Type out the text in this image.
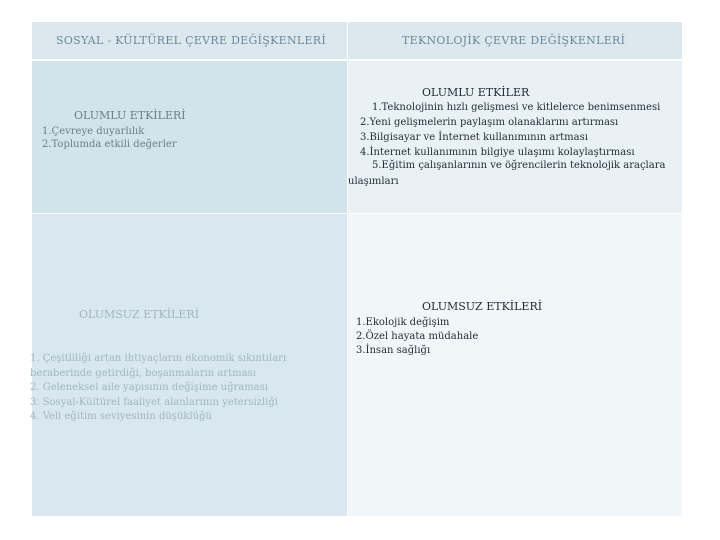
SOSYAL - KÜLTÜREL ÇEVRE DEĞİŞKENLERİ	TEKNOLOJİK ÇEVRE DEĞİŞKENLERİ
OLUMLU ETKİLERİ
1.Çevreye duyarlılık
2.Toplumda etkili değerler
OLUMLU ETKİLER
1.Teknolojinin hızlı gelişmesi ve kitlelerce benimsenmesi
2.Yeni gelişmelerin paylaşım olanaklarını artırması
3.Bilgisayar ve İnternet kullanımının artması
4.İnternet kullanımının bilgiye ulaşımı kolaylaştırması
5.Eğitim çalışanlarının ve öğrencilerin teknolojik araçlara
ulaşımları
OLUMSUZ ETKİLERİ
1. Çeşitliliği artan ihtiyaçların ekonomik sıkıntıları
beraberinde getirdiği, boşanmaların artması
2. Geleneksel aile yapısının değişime uğraması
3. Sosyal-Kültürel faaliyet alanlarının yetersizliği
4. Veli eğitim seviyesinin düşüklüğü
OLUMSUZ ETKİLERİ
1.Ekolojik değişim
2.Özel hayata müdahale
3.İnsan sağlığı
